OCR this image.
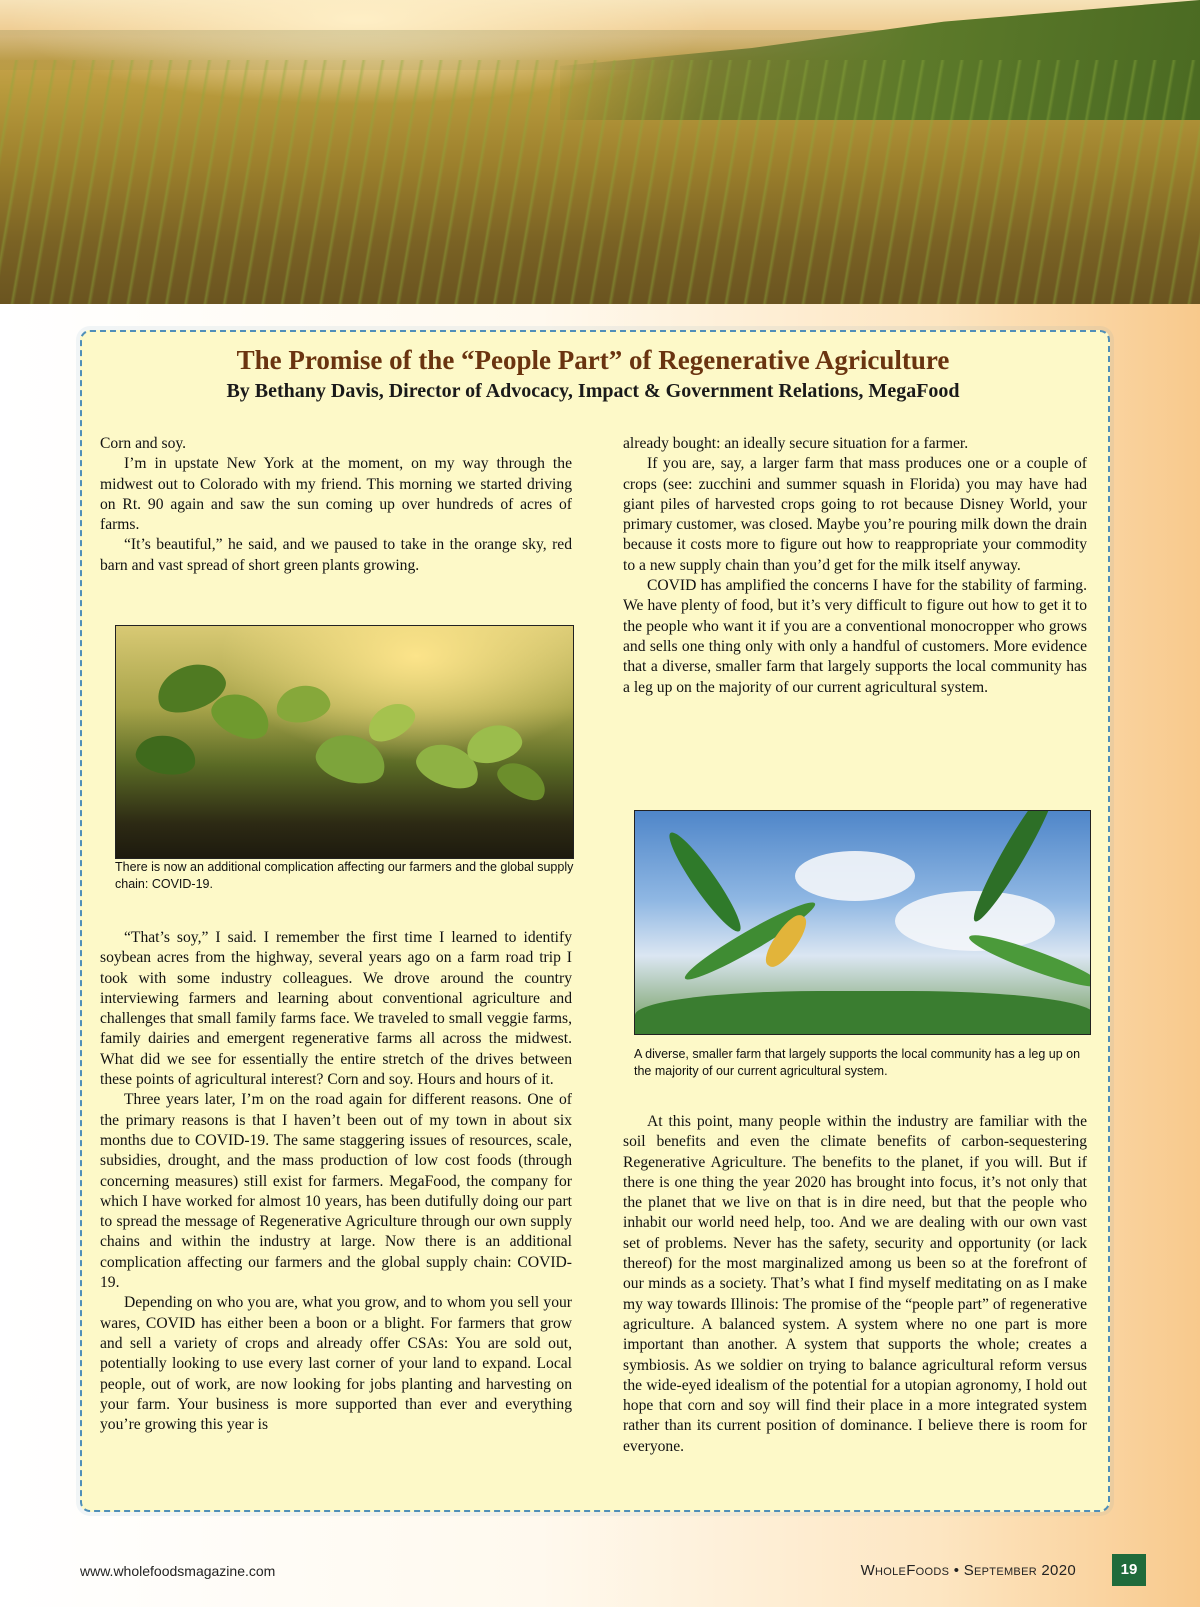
The Promise of the “People Part” of Regenerative Agriculture
By Bethany Davis, Director of Advocacy, Impact & Government Relations, MegaFood

Corn and soy.

I’m in upstate New York at the moment, on my way through the midwest out to Colorado with my friend. This morning we started driving on Rt. 90 again and saw the sun coming up over hundreds of acres of farms.

“It’s beautiful,” he said, and we paused to take in the orange sky, red barn and vast spread of short green plants growing.

There is now an additional complication affecting our farmers and the global supply chain: COVID-19.

“That’s soy,” I said. I remember the first time I learned to identify soybean acres from the highway, several years ago on a farm road trip I took with some industry colleagues. We drove around the country interviewing farmers and learning about conventional agriculture and challenges that small family farms face. We traveled to small veggie farms, family dairies and emergent regenerative farms all across the midwest. What did we see for essentially the entire stretch of the drives between these points of agricultural interest? Corn and soy. Hours and hours of it.

Three years later, I’m on the road again for different reasons. One of the primary reasons is that I haven’t been out of my town in about six months due to COVID-19. The same staggering issues of resources, scale, subsidies, drought, and the mass production of low cost foods (through concerning measures) still exist for farmers. MegaFood, the company for which I have worked for almost 10 years, has been dutifully doing our part to spread the message of Regenerative Agriculture through our own supply chains and within the industry at large. Now there is an additional complication affecting our farmers and the global supply chain: COVID-19.

Depending on who you are, what you grow, and to whom you sell your wares, COVID has either been a boon or a blight. For farmers that grow and sell a variety of crops and already offer CSAs: You are sold out, potentially looking to use every last corner of your land to expand. Local people, out of work, are now looking for jobs planting and harvesting on your farm. Your business is more supported than ever and everything you’re growing this year is

already bought: an ideally secure situation for a farmer.

If you are, say, a larger farm that mass produces one or a couple of crops (see: zucchini and summer squash in Florida) you may have had giant piles of harvested crops going to rot because Disney World, your primary customer, was closed. Maybe you’re pouring milk down the drain because it costs more to figure out how to reappropriate your commodity to a new supply chain than you’d get for the milk itself anyway.

COVID has amplified the concerns I have for the stability of farming. We have plenty of food, but it’s very difficult to figure out how to get it to the people who want it if you are a conventional monocropper who grows and sells one thing only with only a handful of customers. More evidence that a diverse, smaller farm that largely supports the local community has a leg up on the majority of our current agricultural system.

A diverse, smaller farm that largely supports the local community has a leg up on the majority of our current agricultural system.

At this point, many people within the industry are familiar with the soil benefits and even the climate benefits of carbon-sequestering Regenerative Agriculture. The benefits to the planet, if you will. But if there is one thing the year 2020 has brought into focus, it’s not only that the planet that we live on that is in dire need, but that the people who inhabit our world need help, too. And we are dealing with our own vast set of problems. Never has the safety, security and opportunity (or lack thereof) for the most marginalized among us been so at the forefront of our minds as a society. That’s what I find myself meditating on as I make my way towards Illinois: The promise of the “people part” of regenerative agriculture. A balanced system. A system where no one part is more important than another. A system that supports the whole; creates a symbiosis. As we soldier on trying to balance agricultural reform versus the wide-eyed idealism of the potential for a utopian agronomy, I hold out hope that corn and soy will find their place in a more integrated system rather than its current position of dominance. I believe there is room for everyone.

www.wholefoodsmagazine.com	WholeFoods • September 2020	19
